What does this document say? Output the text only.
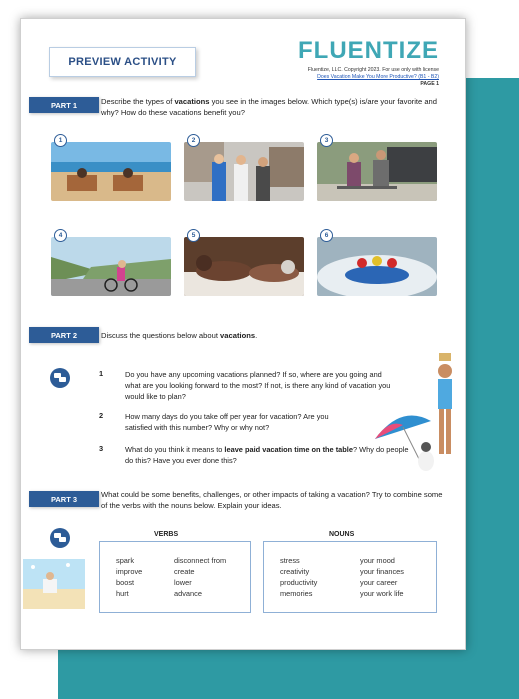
PREVIEW ACTIVITY	FLUENTIZE
Fluentize, LLC. Copyright 2023. For use only with license
Does Vacation Make You More Productive? (B1 - B2)
PAGE 1
PART 1	Describe the types of vacations you see in the images below. Which type(s) is/are your favorite and why? How do these vacations benefit you?
1	2	3
4	5	6
PART 2	Discuss the questions below about vacations.
1	Do you have any upcoming vacations planned? If so, where are you going and what are you looking forward to the most? If not, is there any kind of vacation you would like to plan?
2	How many days do you take off per year for vacation? Are you satisfied with this number? Why or why not?
3	What do you think it means to leave paid vacation time on the table? Why do people do this? Have you ever done this?
PART 3	What could be some benefits, challenges, or other impacts of taking a vacation? Try to combine some of the verbs with the nouns below. Explain your ideas.
VERBS
spark
improve
boost
hurt
disconnect from
create
lower
advance
NOUNS
stress
creativity
productivity
memories
your mood
your finances
your career
your work life
